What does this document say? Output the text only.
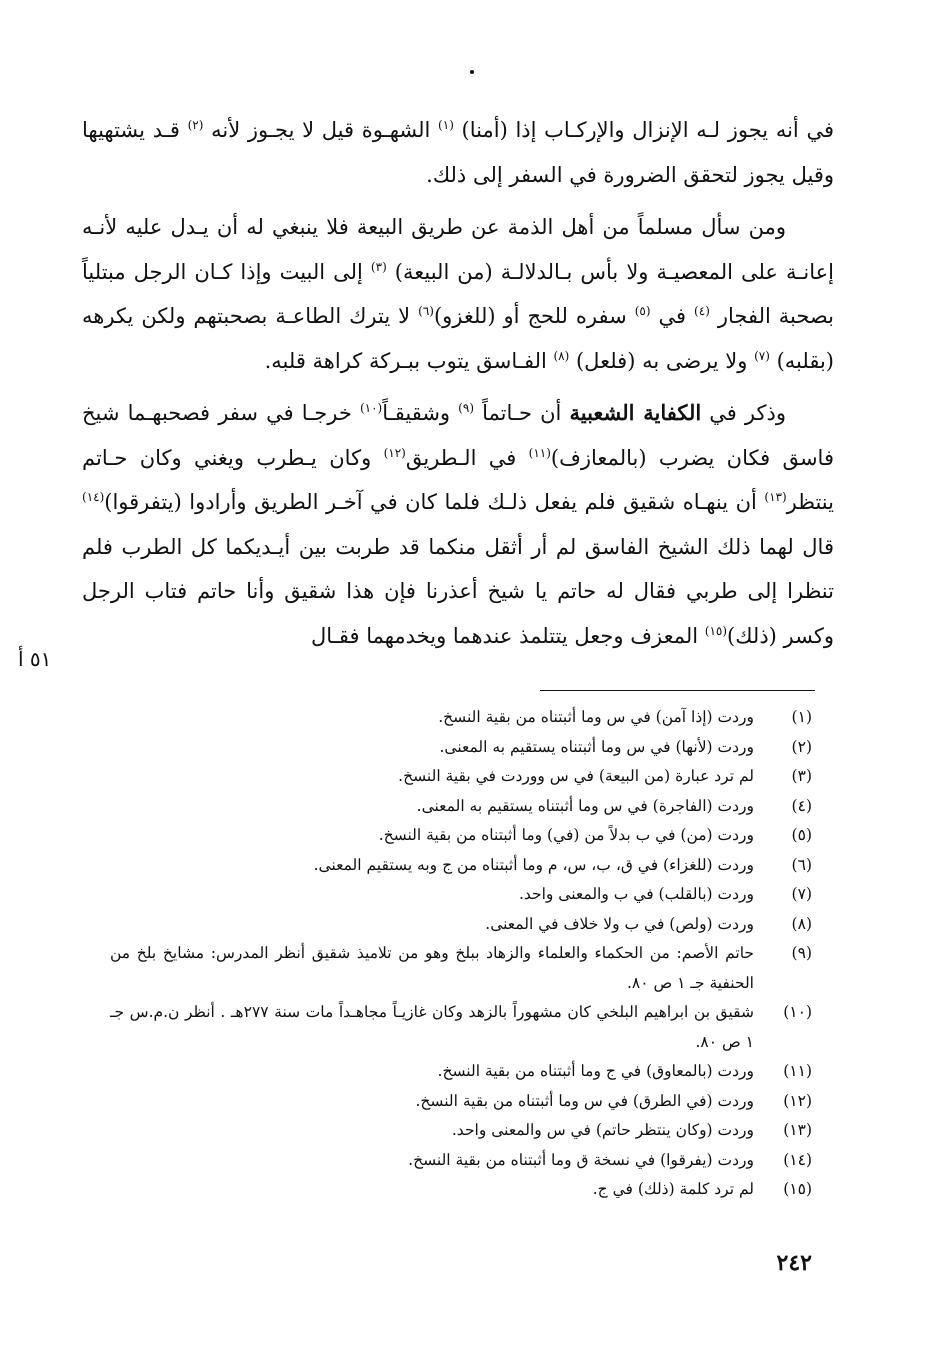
في أنه يجوز لـه الإنزال والإركـاب إذا (أمنا) $^{(١)}$ الشهـوة قيل لا يجـوز لأنه $^{(٢)}$ قـد يشتهيها وقيل يجوز لتحقق الضرورة في السفر إلى ذلك.

ومن سأل مسلماً من أهل الذمة عن طريق البيعة فلا ينبغي له أن يـدل عليه لأنـه إعانـة على المعصيـة ولا بأس بـالدلالـة (من البيعة) $^{(٣)}$ إلى البيت وإذا كـان الرجل مبتلياً بصحبة الفجار $^{(٤)}$ في $^{(٥)}$ سفره للحج أو (للغزو)$^{(٦)}$ لا يترك الطاعـة بصحبتهم ولكن يكرهه (بقلبه) $^{(٧)}$ ولا يرضى به (فلعل) $^{(٨)}$ الفـاسق يتوب ببـركة كراهة قلبه.

وذكر في الكفاية الشعبية أن حـاتماً $^{(٩)}$ وشقيقـاً$^{(١٠)}$ خرجـا في سفر فصحبهـما شيخ فاسق فكان يضرب (بالمعازف)$^{(١١)}$ في الـطريق$^{(١٢)}$ وكان يـطرب ويغني وكان حـاتم ينتظر$^{(١٣)}$ أن ينهـاه شقيق فلم يفعل ذلـك فلما كان في آخـر الطريق وأرادوا (يتفرقوا)$^{(١٤)}$ قال لهما ذلك الشيخ الفاسق لم أر أثقل منكما قد طربت بين أيـديكما كل الطرب فلم تنظرا إلى طربي فقال له حاتم يا شيخ أعذرنا فإن هذا شقيق وأنا حاتم فتاب الرجل وكسر (ذلك)$^{(١٥)}$ المعزف وجعل يتتلمذ عندهما ويخدمهما فقـال

٥١ أ
(١)
وردت (إذا آمن) في س وما أثبتناه من بقية النسخ.
(٢)
وردت (لأنها) في س وما أثبتناه يستقيم به المعنى.
(٣)
لم ترد عبارة (من البيعة) في س ووردت في بقية النسخ.
(٤)
وردت (الفاجرة) في س وما أثبتناه يستقيم به المعنى.
(٥)
وردت (من) في ب بدلاً من (في) وما أثبتناه من بقية النسخ.
(٦)
وردت (للغزاء) في ق، ب، س، م وما أثبتناه من ج وبه يستقيم المعنى.
(٧)
وردت (بالقلب) في ب والمعنى واحد.
(٨)
وردت (ولص) في ب ولا خلاف في المعنى.
(٩)
حاتم الأصم: من الحكماء والعلماء والزهاد ببلخ وهو من تلاميذ شقيق أنظر المدرس: مشايخ بلخ من الحنفية جـ ١ ص ٨٠.
(١٠)
شقيق بن ابراهيم البلخي كان مشهوراً بالزهد وكان غازيـاً مجاهـداً مات سنة ٢٧٧هـ . أنظر ن.م.س جـ ١ ص ٨٠.
(١١)
وردت (بالمعاوق) في ج وما أثبتناه من بقية النسخ.
(١٢)
وردت (في الطرق) في س وما أثبتناه من بقية النسخ.
(١٣)
وردت (وكان ينتظر حاتم) في س والمعنى واحد.
(١٤)
وردت (يفرقوا) في نسخة ق وما أثبتناه من بقية النسخ.
(١٥)
لم ترد كلمة (ذلك) في ج.
٢٤٢
